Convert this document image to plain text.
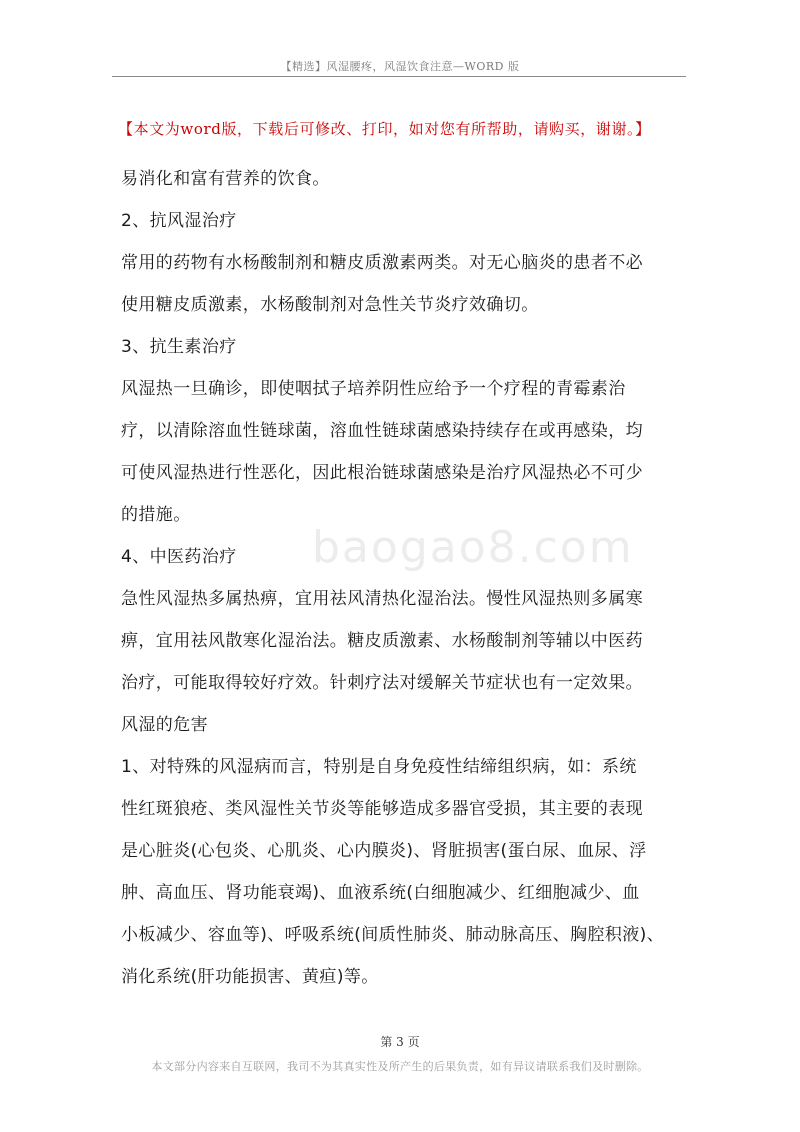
【精选】风湿腰疼，风湿饮食注意—WORD 版
【本文为word版，下载后可修改、打印，如对您有所帮助，请购买，谢谢。】
baogao8.com
易消化和富有营养的饮食。
2、抗风湿治疗
常用的药物有水杨酸制剂和糖皮质激素两类。对无心脑炎的患者不必
使用糖皮质激素，水杨酸制剂对急性关节炎疗效确切。
3、抗生素治疗
风湿热一旦确诊，即使咽拭子培养阴性应给予一个疗程的青霉素治
疗，以清除溶血性链球菌，溶血性链球菌感染持续存在或再感染，均
可使风湿热进行性恶化，因此根治链球菌感染是治疗风湿热必不可少
的措施。
4、中医药治疗
急性风湿热多属热痹，宜用祛风清热化湿治法。慢性风湿热则多属寒
痹，宜用祛风散寒化湿治法。糖皮质激素、水杨酸制剂等辅以中医药
治疗，可能取得较好疗效。针刺疗法对缓解关节症状也有一定效果。
风湿的危害
1、对特殊的风湿病而言，特别是自身免疫性结缔组织病，如：系统
性红斑狼疮、类风湿性关节炎等能够造成多器官受损，其主要的表现
是心脏炎(心包炎、心肌炎、心内膜炎)、肾脏损害(蛋白尿、血尿、浮
肿、高血压、肾功能衰竭)、血液系统(白细胞减少、红细胞减少、血
小板减少、容血等)、呼吸系统(间质性肺炎、肺动脉高压、胸腔积液)、
消化系统(肝功能损害、黄疸)等。
第 3 页
本文部分内容来自互联网，我司不为其真实性及所产生的后果负责，如有异议请联系我们及时删除。
